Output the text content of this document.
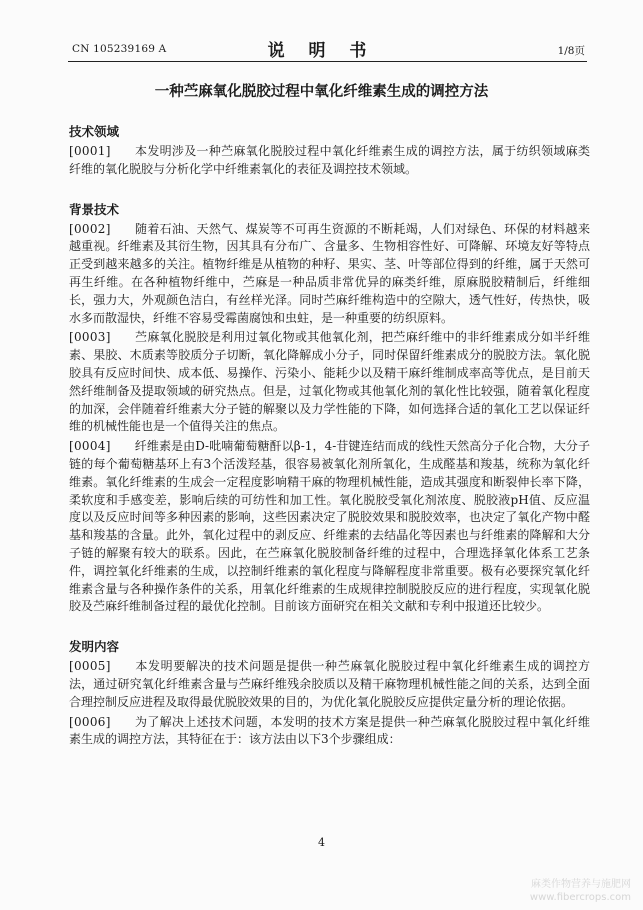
CN 105239169 A	说 明 书	1/8页
一种苎麻氧化脱胶过程中氧化纤维素生成的调控方法
技术领域

[0001] 本发明涉及一种苎麻氧化脱胶过程中氧化纤维素生成的调控方法，属于纺织领域麻类纤维的氧化脱胶与分析化学中纤维素氧化的表征及调控技术领域。

背景技术

[0002] 随着石油、天然气、煤炭等不可再生资源的不断耗竭，人们对绿色、环保的材料越来越重视。纤维素及其衍生物，因其具有分布广、含量多、生物相容性好、可降解、环境友好等特点正受到越来越多的关注。植物纤维是从植物的种籽、果实、茎、叶等部位得到的纤维，属于天然可再生纤维。在各种植物纤维中，苎麻是一种品质非常优异的麻类纤维，原麻脱胶精制后，纤维细长，强力大，外观颜色洁白，有丝样光泽。同时苎麻纤维构造中的空隙大，透气性好，传热快，吸水多而散湿快，纤维不容易受霉菌腐蚀和虫蛀，是一种重要的纺织原料。

[0003] 苎麻氧化脱胶是利用过氧化物或其他氧化剂，把苎麻纤维中的非纤维素成分如半纤维素、果胶、木质素等胶质分子切断，氧化降解成小分子，同时保留纤维素成分的脱胶方法。氧化脱胶具有反应时间快、成本低、易操作、污染小、能耗少以及精干麻纤维制成率高等优点，是目前天然纤维制备及提取领域的研究热点。但是，过氧化物或其他氧化剂的氧化性比较强，随着氧化程度的加深，会伴随着纤维素大分子链的解聚以及力学性能的下降，如何选择合适的氧化工艺以保证纤维的机械性能也是一个值得关注的焦点。

[0004] 纤维素是由D-吡喃葡萄糖酐以β-1，4-苷键连结而成的线性天然高分子化合物，大分子链的每个葡萄糖基环上有3个活泼羟基，很容易被氧化剂所氧化，生成醛基和羧基，统称为氧化纤维素。氧化纤维素的生成会一定程度影响精干麻的物理机械性能，造成其强度和断裂伸长率下降，柔软度和手感变差，影响后续的可纺性和加工性。氧化脱胶受氧化剂浓度、脱胶液pH值、反应温度以及反应时间等多种因素的影响，这些因素决定了脱胶效果和脱胶效率，也决定了氧化产物中醛基和羧基的含量。此外，氧化过程中的剥反应、纤维素的去结晶化等因素也与纤维素的降解和大分子链的解聚有较大的联系。因此，在苎麻氧化脱胶制备纤维的过程中，合理选择氧化体系工艺条件，调控氧化纤维素的生成，以控制纤维素的氧化程度与降解程度非常重要。极有必要探究氧化纤维素含量与各种操作条件的关系，用氧化纤维素的生成规律控制脱胶反应的进行程度，实现氧化脱胶及苎麻纤维制备过程的最优化控制。目前该方面研究在相关文献和专利中报道还比较少。

发明内容

[0005] 本发明要解决的技术问题是提供一种苎麻氧化脱胶过程中氧化纤维素生成的调控方法，通过研究氧化纤维素含量与苎麻纤维残余胶质以及精干麻物理机械性能之间的关系，达到全面合理控制反应进程及取得最优脱胶效果的目的，为优化氧化脱胶反应提供定量分析的理论依据。

[0006] 为了解决上述技术问题，本发明的技术方案是提供一种苎麻氧化脱胶过程中氧化纤维素生成的调控方法，其特征在于：该方法由以下3个步骤组成：

4
麻类作物营养与施肥网
www.fibercrops.com
